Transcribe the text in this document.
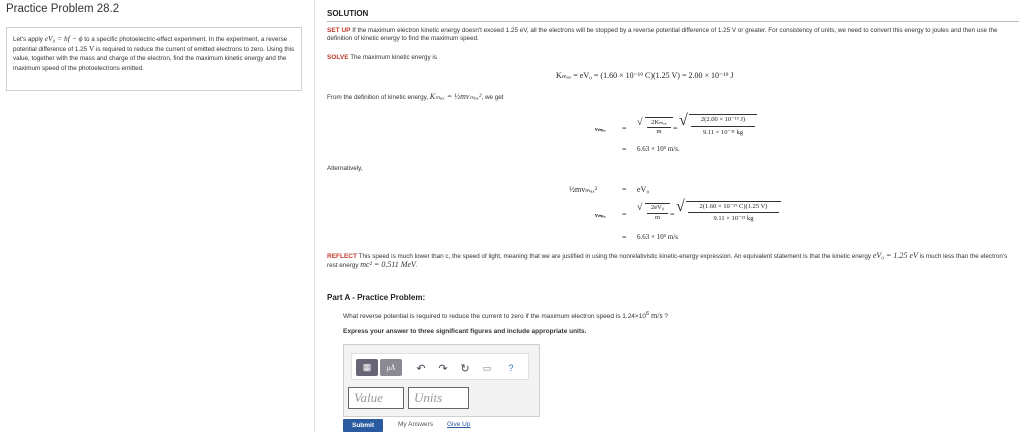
Practice Problem 28.2
Let's apply eV₀ = hf − ϕ to a specific photoelectric-effect experiment. In the experiment, a reverse potential difference of 1.25 V is required to reduce the current of emitted electrons to zero. Using this value, together with the mass and charge of the electron, find the maximum kinetic energy and the maximum speed of the photoelectrons emitted.
SOLUTION
SET UP If the maximum electron kinetic energy doesn't exceed 1.25 eV, all the electrons will be stopped by a reverse potential difference of 1.25 V or greater. For consistency of units, we need to convert this energy to joules and then use the definition of kinetic energy to find the maximum speed.
SOLVE The maximum kinetic energy is
Kₘₐₓ = eV₀ = (1.60 × 10⁻¹⁹ C)(1.25 V) = 2.00 × 10⁻¹⁹ J
From the definition of kinetic energy, Kₘₐₓ = ½mvₘₐₓ², we get
vₘₐₓ =
√	2Kₘₐₓ
m	= √	2(2.00 × 10⁻¹⁹ J)
9.11 × 10⁻³¹ kg
= 6.63 × 10⁵ m/s.
Alternatively,
½mvₘₐₓ²	= eV₀
vₘₐₓ =
√	2eV₀
m	= √	2(1.60 × 10⁻¹⁹ C)(1.25 V)
9.11 × 10⁻³¹ kg
= 6.63 × 10⁵ m/s
REFLECT This speed is much lower than c, the speed of light, meaning that we are justified in using the nonrelativistic kinetic-energy expression. An equivalent statement is that the kinetic energy eV₀ = 1.25 eV is much less than the electron's rest energy mc² = 0.511 MeV.
Part A - Practice Problem:
What reverse potential is required to reduce the current to zero if the maximum electron speed is $1.24\times 10^6$ m/s ?
Express your answer to three significant figures and include appropriate units.
▦ μÅ ↶ ↷ ↻ ▭ ?
Value	Units
Submit	My Answers Give Up
